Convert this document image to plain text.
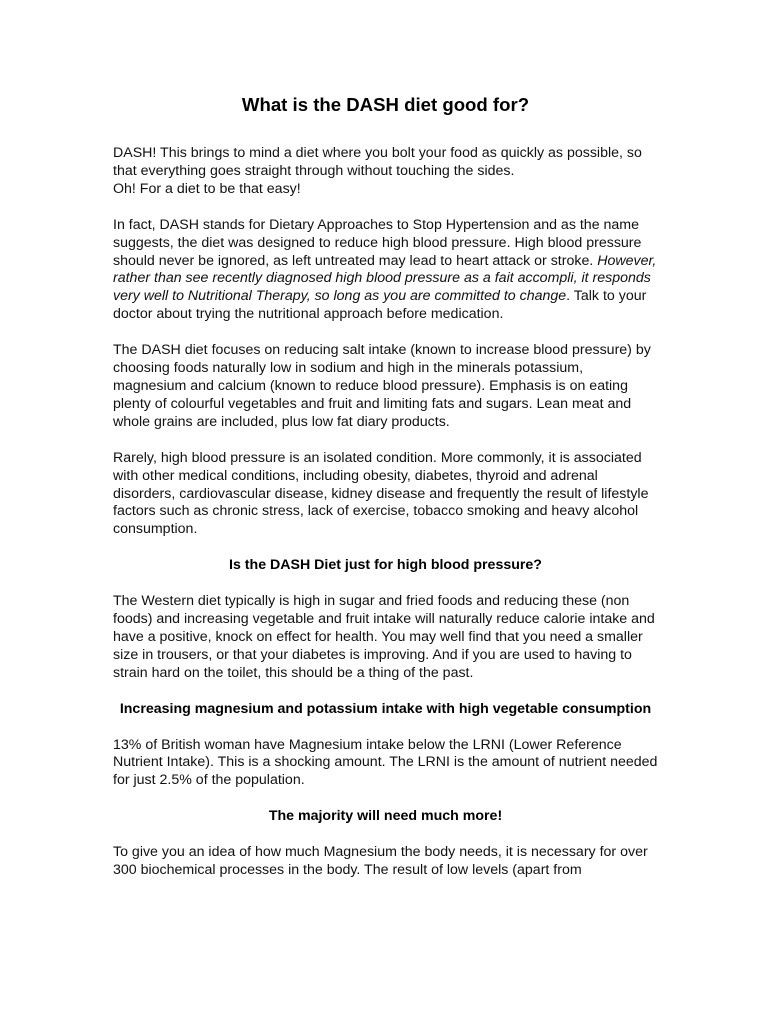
What is the DASH diet good for?

DASH! This brings to mind a diet where you bolt your food as quickly as possible, so that everything goes straight through without touching the sides.
Oh! For a diet to be that easy!

In fact, DASH stands for Dietary Approaches to Stop Hypertension and as the name suggests, the diet was designed to reduce high blood pressure. High blood pressure should never be ignored, as left untreated may lead to heart attack or stroke. However, rather than see recently diagnosed high blood pressure as a fait accompli, it responds very well to Nutritional Therapy, so long as you are committed to change. Talk to your doctor about trying the nutritional approach before medication.

The DASH diet focuses on reducing salt intake (known to increase blood pressure) by choosing foods naturally low in sodium and high in the minerals potassium, magnesium and calcium (known to reduce blood pressure). Emphasis is on eating plenty of colourful vegetables and fruit and limiting fats and sugars. Lean meat and whole grains are included, plus low fat diary products.

Rarely, high blood pressure is an isolated condition. More commonly, it is associated with other medical conditions, including obesity, diabetes, thyroid and adrenal disorders, cardiovascular disease, kidney disease and frequently the result of lifestyle factors such as chronic stress, lack of exercise, tobacco smoking and heavy alcohol consumption.

Is the DASH Diet just for high blood pressure?

The Western diet typically is high in sugar and fried foods and reducing these (non foods) and increasing vegetable and fruit intake will naturally reduce calorie intake and have a positive, knock on effect for health. You may well find that you need a smaller size in trousers, or that your diabetes is improving. And if you are used to having to strain hard on the toilet, this should be a thing of the past.

Increasing magnesium and potassium intake with high vegetable consumption

13% of British woman have Magnesium intake below the LRNI (Lower Reference Nutrient Intake). This is a shocking amount. The LRNI is the amount of nutrient needed for just 2.5% of the population.

The majority will need much more!

To give you an idea of how much Magnesium the body needs, it is necessary for over 300 biochemical processes in the body. The result of low levels (apart from
